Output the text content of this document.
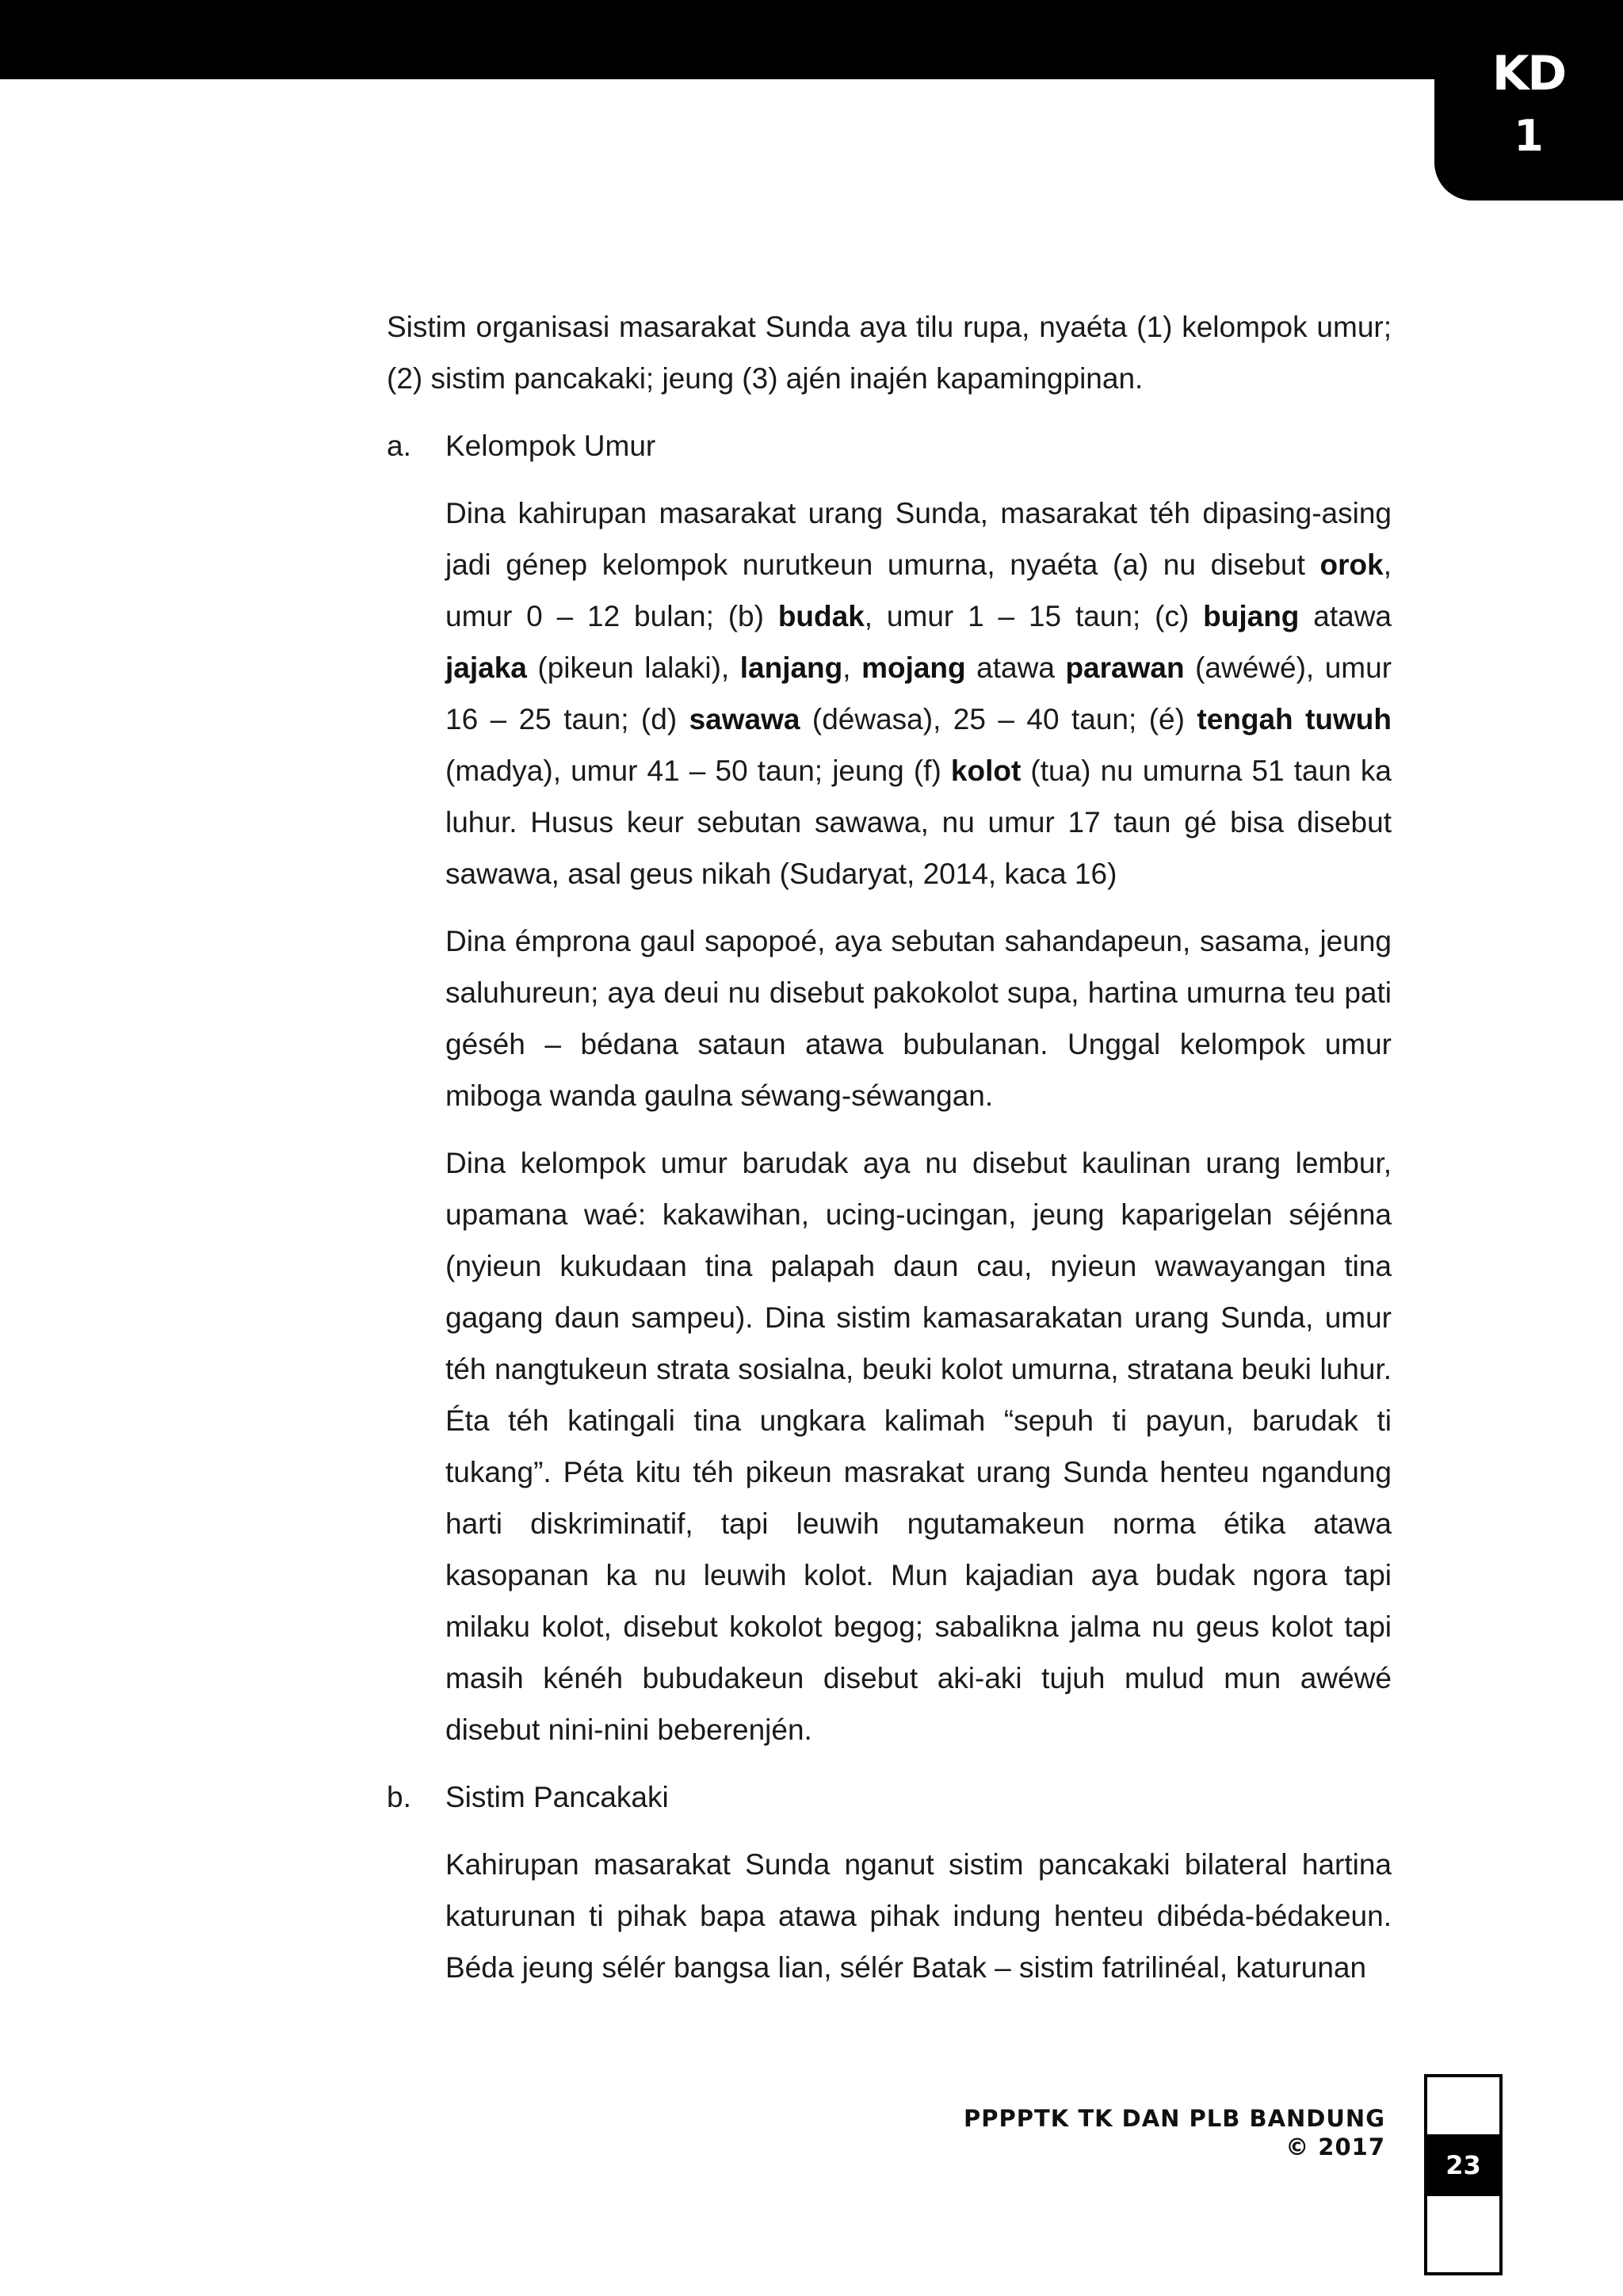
KD
1

Sistim organisasi masarakat Sunda aya tilu rupa, nyaéta (1) kelompok umur; (2) sistim pancakaki; jeung (3) ajén inajén kapamingpinan.

a.	Kelompok Umur

Dina kahirupan masarakat urang Sunda, masarakat téh dipasing-asing jadi génep kelompok nurutkeun umurna, nyaéta (a) nu disebut orok, umur 0 – 12 bulan; (b) budak, umur 1 – 15 taun; (c) bujang atawa jajaka (pikeun lalaki), lanjang, mojang atawa parawan (awéwé), umur 16 – 25 taun; (d) sawawa (déwasa), 25 – 40 taun; (é) tengah tuwuh (madya), umur 41 – 50 taun; jeung (f) kolot (tua) nu umurna 51 taun ka luhur. Husus keur sebutan sawawa, nu umur 17 taun gé bisa disebut sawawa, asal geus nikah (Sudaryat, 2014, kaca 16)

Dina émprona gaul sapopoé, aya sebutan sahandapeun, sasama, jeung saluhureun; aya deui nu disebut pakokolot supa, hartina umurna teu pati géséh – bédana sataun atawa bubulanan. Unggal kelompok umur miboga wanda gaulna séwang-séwangan.

Dina kelompok umur barudak aya nu disebut kaulinan urang lembur, upamana waé: kakawihan, ucing-ucingan, jeung kaparigelan séjénna (nyieun kukudaan tina palapah daun cau, nyieun wawayangan tina gagang daun sampeu). Dina sistim kamasarakatan urang Sunda, umur téh nangtukeun strata sosialna, beuki kolot umurna, stratana beuki luhur. Éta téh katingali tina ungkara kalimah “sepuh ti payun, barudak ti tukang”. Péta kitu téh pikeun masrakat urang Sunda henteu ngandung harti diskriminatif, tapi leuwih ngutamakeun norma étika atawa kasopanan ka nu leuwih kolot. Mun kajadian aya budak ngora tapi milaku kolot, disebut kokolot begog; sabalikna jalma nu geus kolot tapi masih kénéh bubudakeun disebut aki-aki tujuh mulud mun awéwé disebut nini-nini beberenjén.

b.	Sistim Pancakaki

Kahirupan masarakat Sunda nganut sistim pancakaki bilateral hartina katurunan ti pihak bapa atawa pihak indung henteu dibéda-bédakeun. Béda jeung sélér bangsa lian, sélér Batak – sistim fatrilinéal, katurunan

PPPPTK TK DAN PLB BANDUNG
© 2017
23
